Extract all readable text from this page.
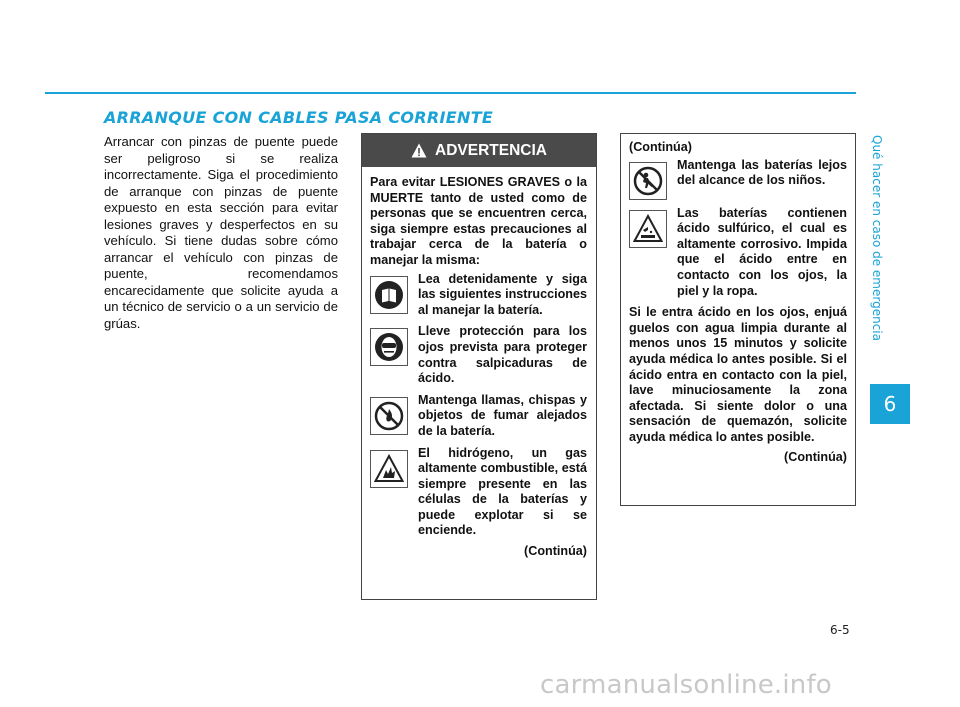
ARRANQUE CON CABLES PASA CORRIENTE
Arrancar con pinzas de puente puede ser peligroso si se realiza incorrectamente. Siga el procedimiento de arranque con pinzas de puente expuesto en esta sección para evitar lesiones graves y desperfectos en su vehículo. Si tiene dudas sobre cómo arrancar el vehículo con pinzas de puente, recomendamos encarecidamente que solicite ayuda a un técnico de servicio o a un servicio de grúas.
ADVERTENCIA
Para evitar LESIONES GRAVES o la MUERTE tanto de usted como de personas que se encuentren cerca, siga siempre estas precauciones al trabajar cerca de la batería o manejar la misma:
Lea detenidamente y siga las siguientes instrucciones al manejar la batería.
Lleve protección para los ojos prevista para proteger contra salpicaduras de ácido.
Mantenga llamas, chispas y objetos de fumar alejados de la batería.
El hidrógeno, un gas altamente combustible, está siempre presente en las células de la baterías y puede explotar si se enciende.
(Continúa)
(Continúa)
Mantenga las baterías lejos del alcance de los niños.
Las baterías contienen ácido sulfúrico, el cual es altamente corrosivo. Impida que el ácido entre en contacto con los ojos, la piel y la ropa.
Si le entra ácido en los ojos, enjuá guelos con agua limpia durante al menos unos 15 minutos y solicite ayuda médica lo antes posible. Si el ácido entra en contacto con la piel, lave minuciosamente la zona afectada. Si siente dolor o una sensación de quemazón, solicite ayuda médica lo antes posible.
(Continúa)
Qué hacer en caso de emergencia
6
6-5
carmanualsonline.info
